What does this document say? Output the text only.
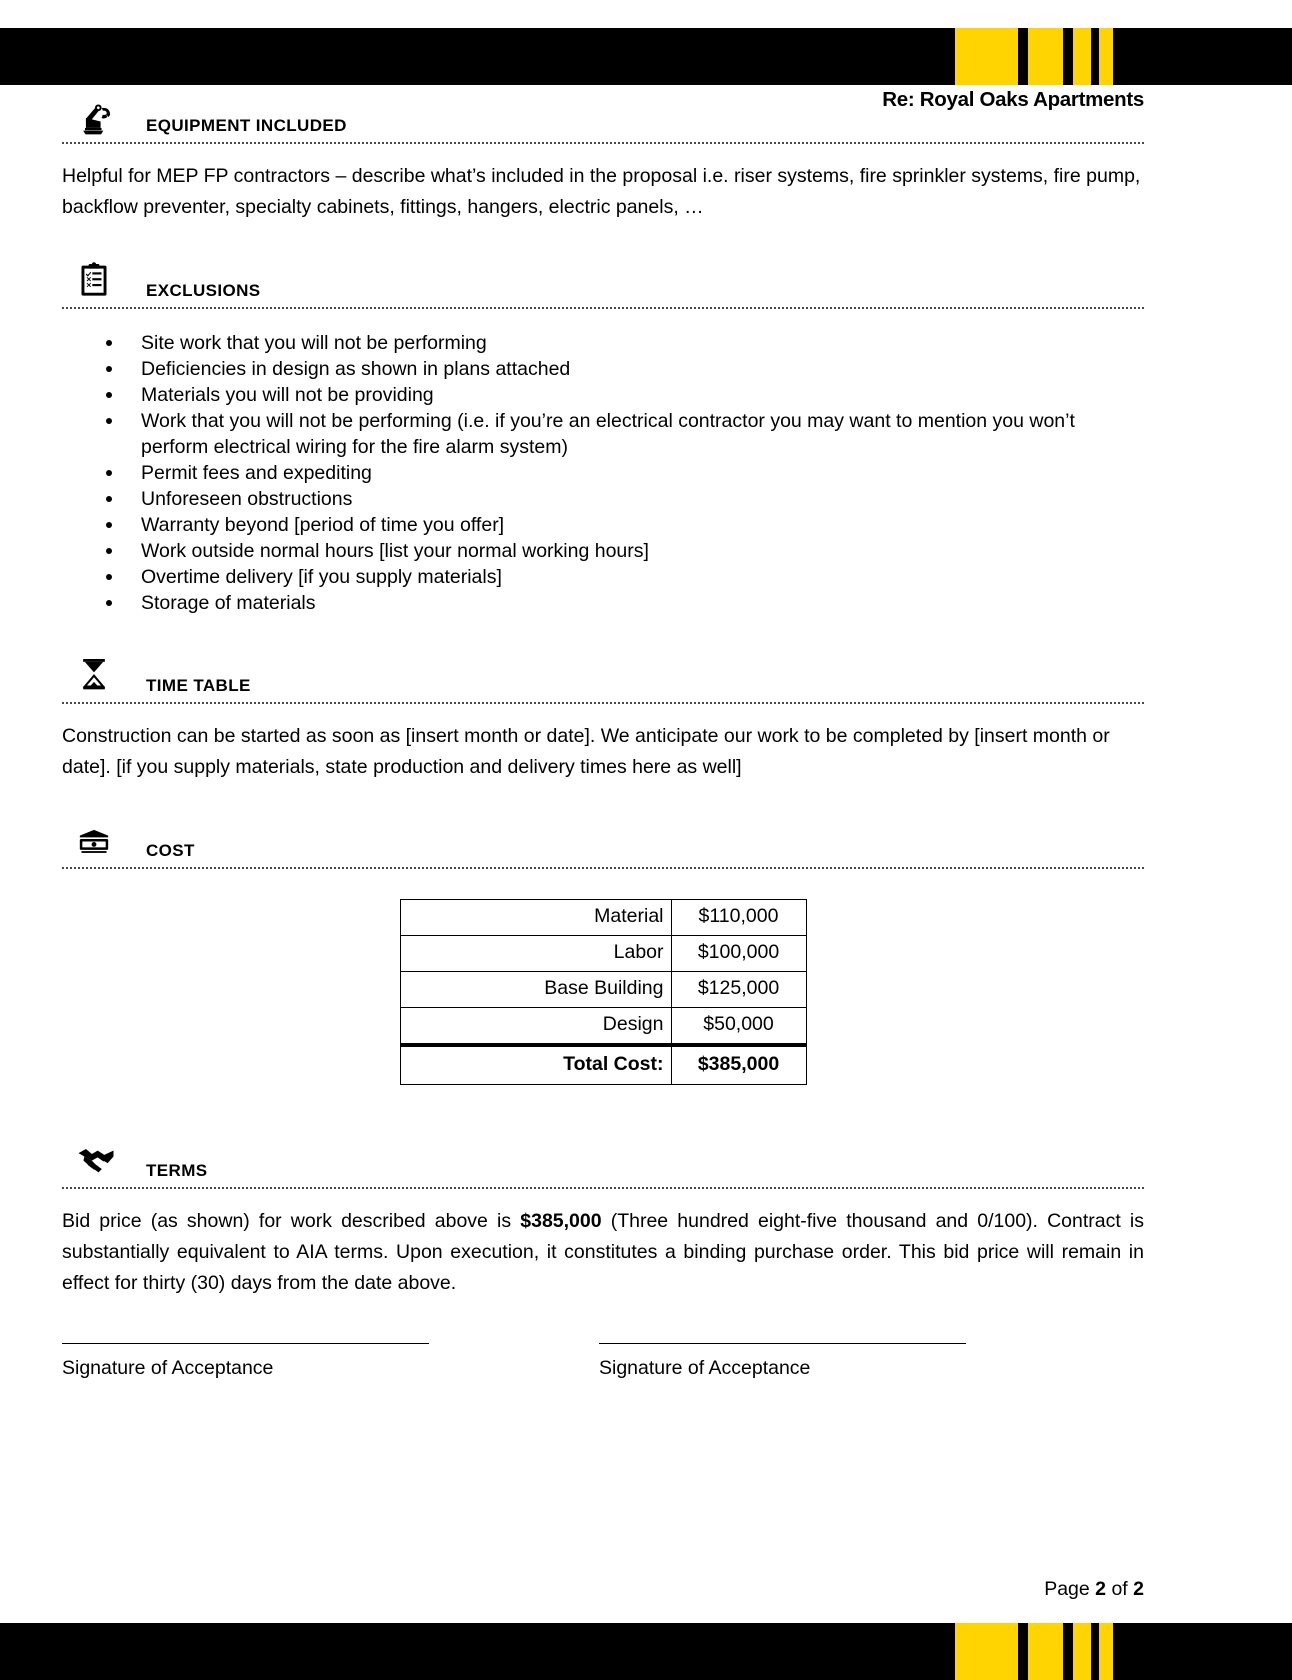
Re: Royal Oaks Apartments
EQUIPMENT INCLUDED

Helpful for MEP FP contractors – describe what’s included in the proposal i.e. riser systems, fire sprinkler systems, fire pump, backflow preventer, specialty cabinets, fittings, hangers, electric panels, …

EXCLUSIONS
Site work that you will not be performing
Deficiencies in design as shown in plans attached
Materials you will not be providing
Work that you will not be performing (i.e. if you’re an electrical contractor you may want to mention you won’t perform electrical wiring for the fire alarm system)
Permit fees and expediting
Unforeseen obstructions
Warranty beyond [period of time you offer]
Work outside normal hours [list your normal working hours]
Overtime delivery [if you supply materials]
Storage of materials
TIME TABLE

Construction can be started as soon as [insert month or date]. We anticipate our work to be completed by [insert month or date]. [if you supply materials, state production and delivery times here as well]

COST
Material	$110,000
Labor	$100,000
Base Building	$125,000
Design	$50,000
Total Cost:	$385,000
TERMS

Bid price (as shown) for work described above is $385,000 (Three hundred eight-five thousand and 0/100). Contract is substantially equivalent to AIA terms. Upon execution, it constitutes a binding purchase order. This bid price will remain in effect for thirty (30) days from the date above.

Signature of Acceptance	Signature of Acceptance
Page 2 of 2
